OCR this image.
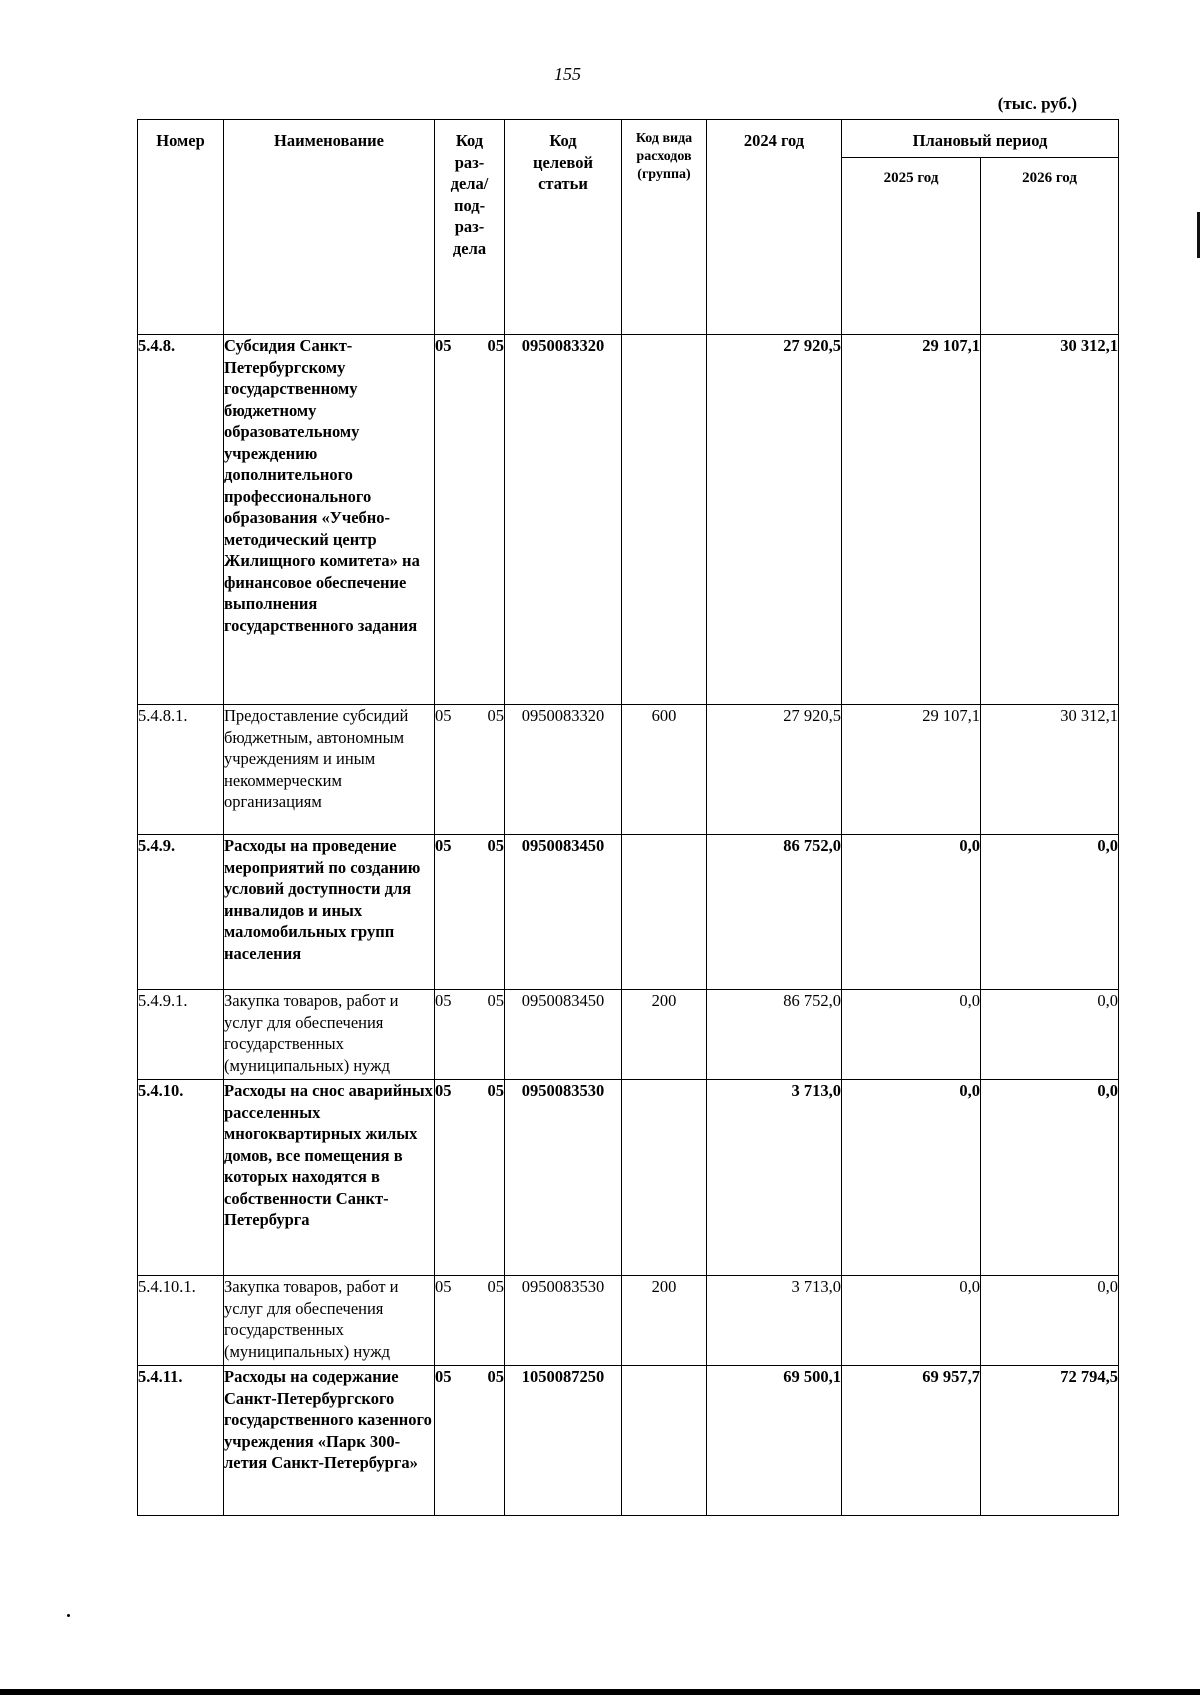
155
(тыс. руб.)
Номер	Наименование	Код раз-дела/ под-раз-дела	Код целевой статьи	Код вида расходов (группа)	2024 год	Плановый период	
						2025 год	2026 год
5.4.8.	Субсидия Санкт-Петербургскому государственному бюджетному образовательному учреждению дополнительного профессионального образования «Учебно-методический центр Жилищного комитета» на финансовое обеспечение выполнения государственного задания	05 05	0950083320		27 920,5	29 107,1	30 312,1
5.4.8.1.	Предоставление субсидий бюджетным, автономным учреждениям и иным некоммерческим организациям	05 05	0950083320	600	27 920,5	29 107,1	30 312,1
5.4.9.	Расходы на проведение мероприятий по созданию условий доступности для инвалидов и иных маломобильных групп населения	05 05	0950083450		86 752,0	0,0	0,0
5.4.9.1.	Закупка товаров, работ и услуг для обеспечения государственных (муниципальных) нужд	05 05	0950083450	200	86 752,0	0,0	0,0
5.4.10.	Расходы на снос аварийных расселенных многоквартирных жилых домов, все помещения в которых находятся в собственности Санкт-Петербурга	05 05	0950083530		3 713,0	0,0	0,0
5.4.10.1.	Закупка товаров, работ и услуг для обеспечения государственных (муниципальных) нужд	05 05	0950083530	200	3 713,0	0,0	0,0
5.4.11.	Расходы на содержание Санкт-Петербургского государственного казенного учреждения «Парк 300-летия Санкт-Петербурга»	05 05	1050087250		69 500,1	69 957,7	72 794,5
